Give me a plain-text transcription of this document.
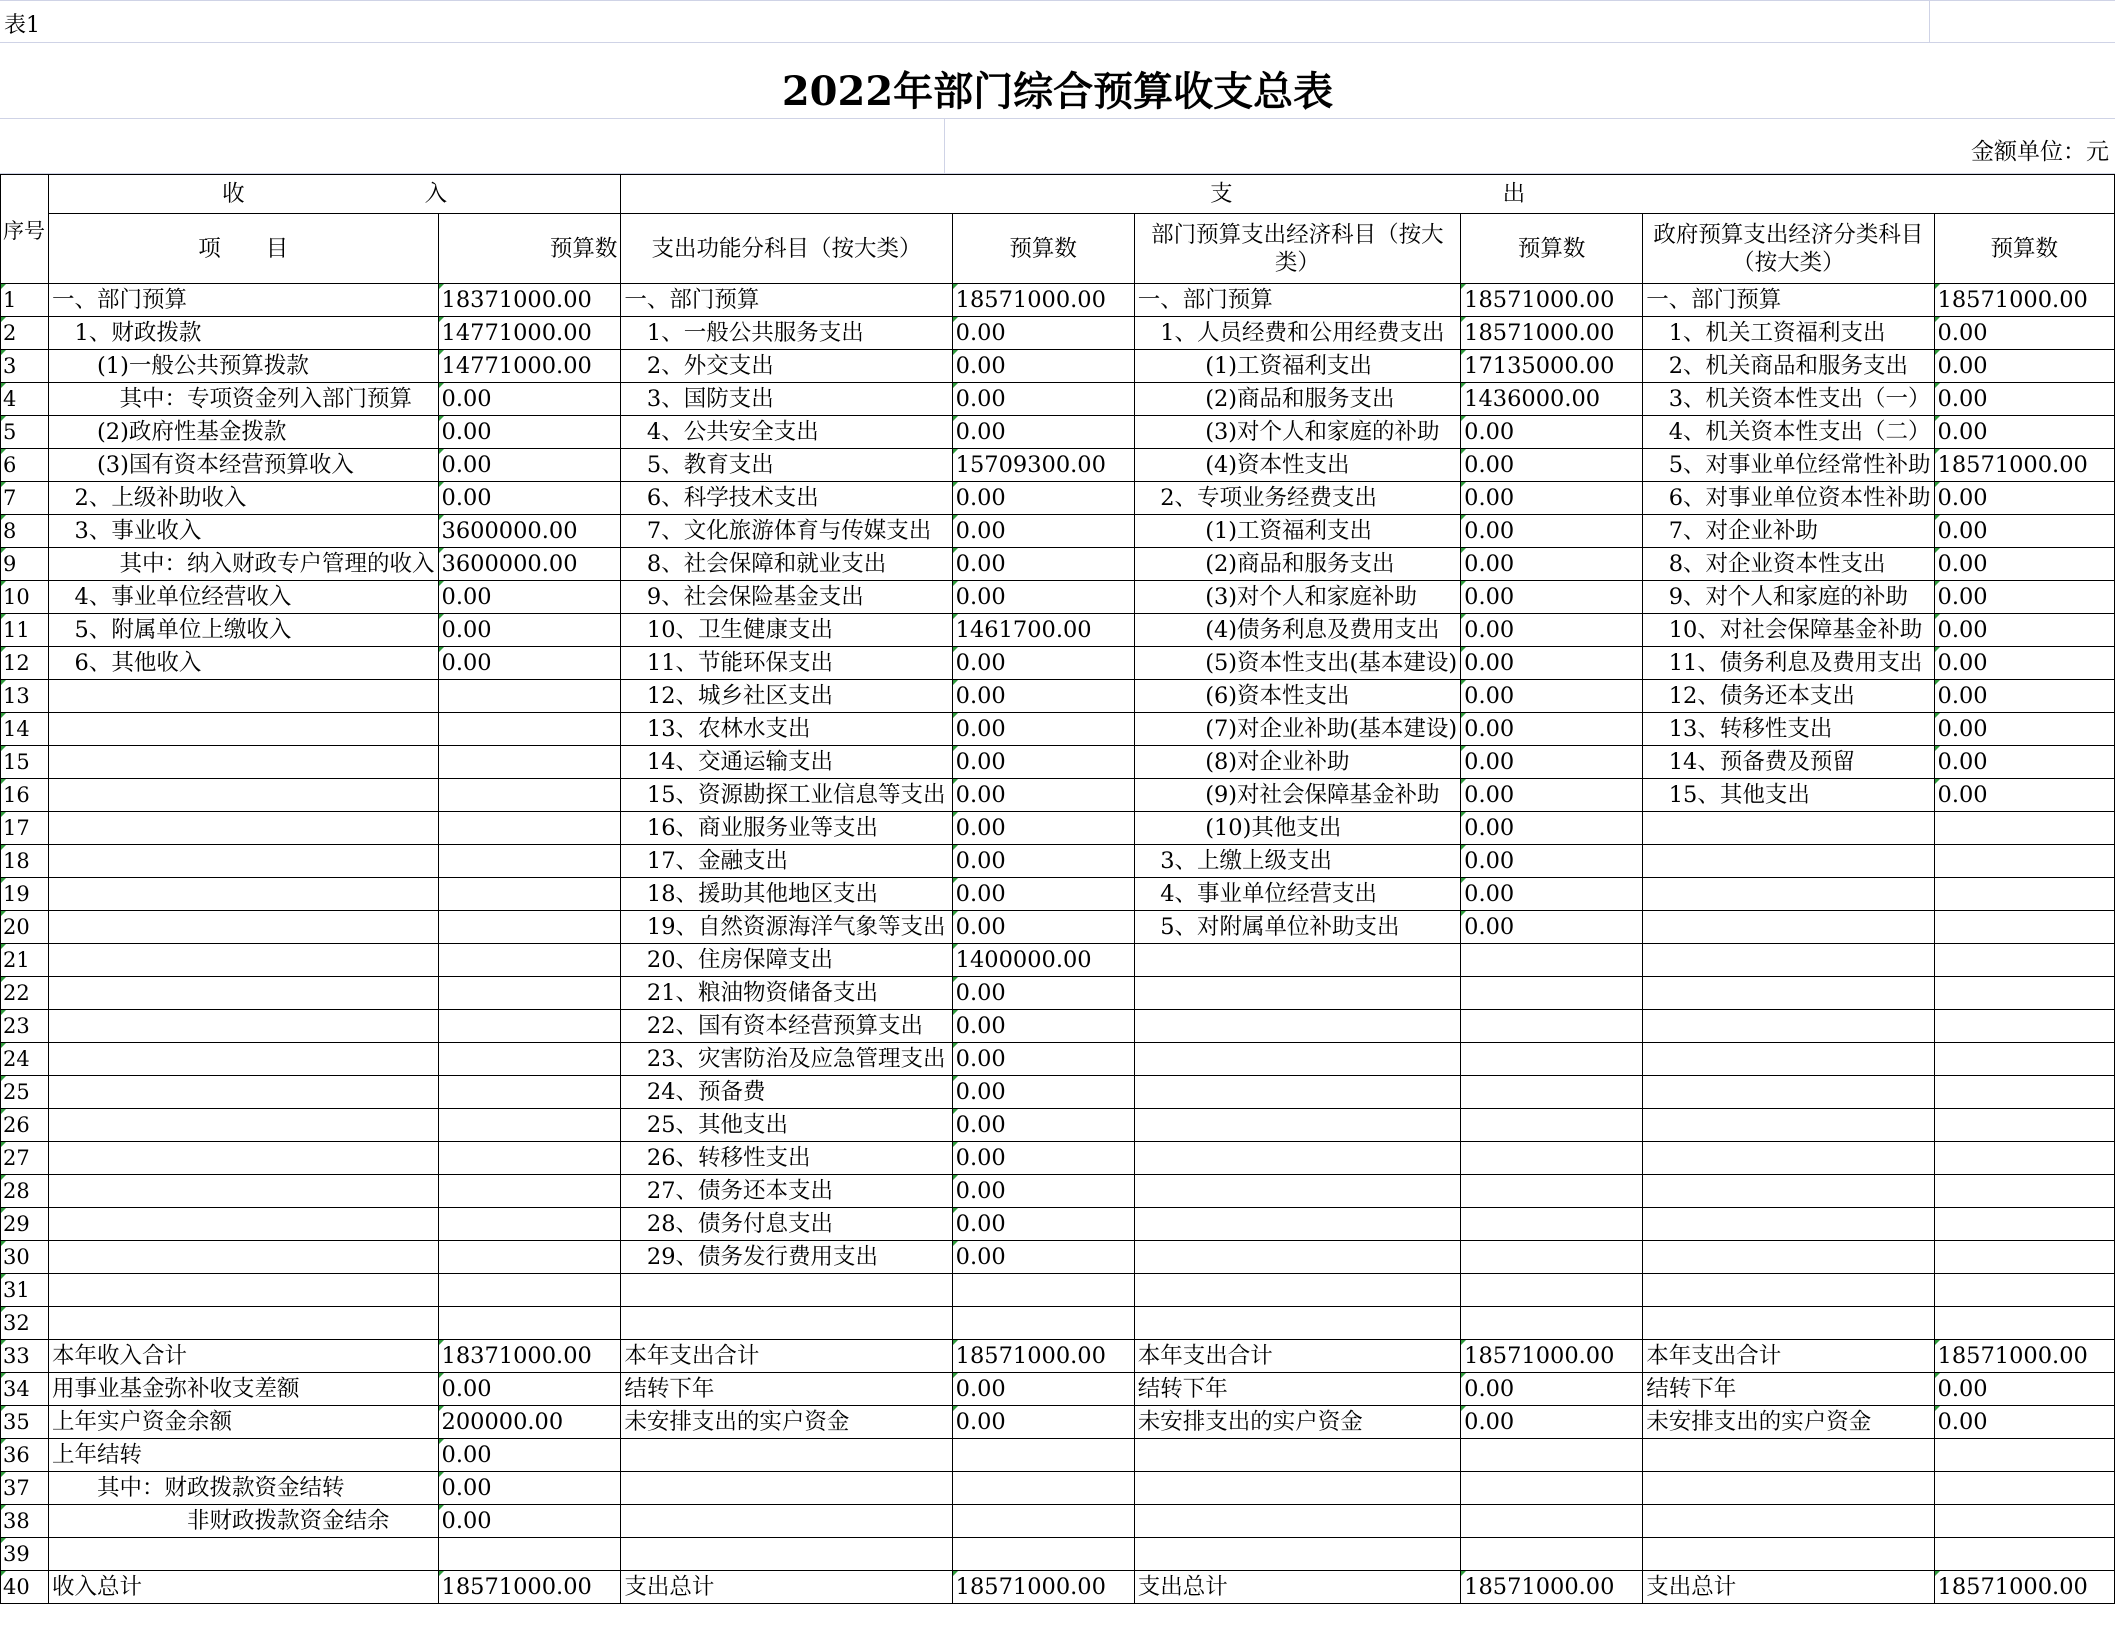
表1
2022年部门综合预算收支总表
金额单位：元
序号	收　　　　　　　　入		支　　　　　　　　　　　　出					
	项　　目	预算数	支出功能分科目（按大类）	预算数	部门预算支出经济科目（按大类）	预算数	政府预算支出经济分类科目（按大类）	预算数
1	一、部门预算	18371000.00	一、部门预算	18571000.00	一、部门预算	18571000.00	一、部门预算	18571000.00
2	　1、财政拨款	14771000.00	　1、一般公共服务支出	0.00	　1、人员经费和公用经费支出	18571000.00	　1、机关工资福利支出	0.00
3	　　(1)一般公共预算拨款	14771000.00	　2、外交支出	0.00	　　　(1)工资福利支出	17135000.00	　2、机关商品和服务支出	0.00
4	　　　其中：专项资金列入部门预算	0.00	　3、国防支出	0.00	　　　(2)商品和服务支出	1436000.00	　3、机关资本性支出（一）	0.00
5	　　(2)政府性基金拨款	0.00	　4、公共安全支出	0.00	　　　(3)对个人和家庭的补助	0.00	　4、机关资本性支出（二）	0.00
6	　　(3)国有资本经营预算收入	0.00	　5、教育支出	15709300.00	　　　(4)资本性支出	0.00	　5、对事业单位经常性补助	18571000.00
7	　2、上级补助收入	0.00	　6、科学技术支出	0.00	　2、专项业务经费支出	0.00	　6、对事业单位资本性补助	0.00
8	　3、事业收入	3600000.00	　7、文化旅游体育与传媒支出	0.00	　　　(1)工资福利支出	0.00	　7、对企业补助	0.00
9	　　　其中：纳入财政专户管理的收入	3600000.00	　8、社会保障和就业支出	0.00	　　　(2)商品和服务支出	0.00	　8、对企业资本性支出	0.00
10	　4、事业单位经营收入	0.00	　9、社会保险基金支出	0.00	　　　(3)对个人和家庭补助	0.00	　9、对个人和家庭的补助	0.00
11	　5、附属单位上缴收入	0.00	　10、卫生健康支出	1461700.00	　　　(4)债务利息及费用支出	0.00	　10、对社会保障基金补助	0.00
12	　6、其他收入	0.00	　11、节能环保支出	0.00	　　　(5)资本性支出(基本建设)	0.00	　11、债务利息及费用支出	0.00
13			　12、城乡社区支出	0.00	　　　(6)资本性支出	0.00	　12、债务还本支出	0.00
14			　13、农林水支出	0.00	　　　(7)对企业补助(基本建设)	0.00	　13、转移性支出	0.00
15			　14、交通运输支出	0.00	　　　(8)对企业补助	0.00	　14、预备费及预留	0.00
16			　15、资源勘探工业信息等支出	0.00	　　　(9)对社会保障基金补助	0.00	　15、其他支出	0.00
17			　16、商业服务业等支出	0.00	　　　(10)其他支出	0.00		
18			　17、金融支出	0.00	　3、上缴上级支出	0.00		
19			　18、援助其他地区支出	0.00	　4、事业单位经营支出	0.00		
20			　19、自然资源海洋气象等支出	0.00	　5、对附属单位补助支出	0.00		
21			　20、住房保障支出	1400000.00				
22			　21、粮油物资储备支出	0.00				
23			　22、国有资本经营预算支出	0.00				
24			　23、灾害防治及应急管理支出	0.00				
25			　24、预备费	0.00				
26			　25、其他支出	0.00				
27			　26、转移性支出	0.00				
28			　27、债务还本支出	0.00				
29			　28、债务付息支出	0.00				
30			　29、债务发行费用支出	0.00				
31								
32								
33	本年收入合计	18371000.00	本年支出合计	18571000.00	本年支出合计	18571000.00	本年支出合计	18571000.00
34	用事业基金弥补收支差额	0.00	结转下年	0.00	结转下年	0.00	结转下年	0.00
35	上年实户资金余额	200000.00	未安排支出的实户资金	0.00	未安排支出的实户资金	0.00	未安排支出的实户资金	0.00
36	上年结转	0.00						
37	　　其中：财政拨款资金结转	0.00						
38	　　　　　　非财政拨款资金结余	0.00						
39								
40	收入总计	18571000.00	支出总计	18571000.00	支出总计	18571000.00	支出总计	18571000.00
